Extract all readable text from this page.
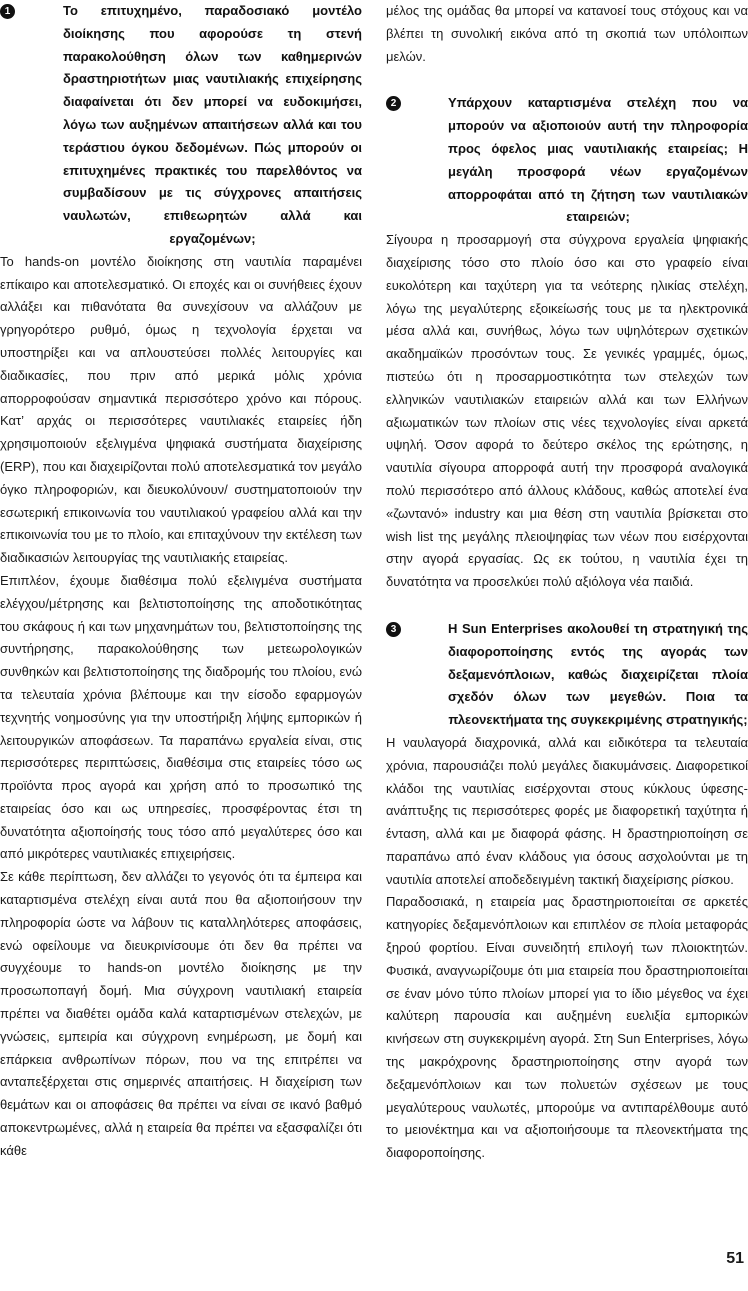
1	Το επιτυχημένο, παραδοσιακό μοντέλο διοίκησης που αφορούσε τη στενή παρακολούθηση όλων των καθημερινών δραστηριοτήτων μιας ναυτιλιακής επιχείρησης διαφαίνεται ότι δεν μπορεί να ευδοκιμήσει, λόγω των αυξημένων απαιτήσεων αλλά και του τεράστιου όγκου δεδομένων. Πώς μπορούν οι επιτυχημένες πρακτικές του παρελθόντος να συμβαδίσουν με τις σύγχρονες απαιτήσεις ναυλωτών, επιθεωρητών αλλά και εργαζομένων;

Το hands-on μοντέλο διοίκησης στη ναυτιλία παραμένει επίκαιρο και αποτελεσματικό. Οι εποχές και οι συνήθειες έχουν αλλάξει και πιθανότατα θα συνεχίσουν να αλλάζουν με γρηγορότερο ρυθμό, όμως η τεχνολογία έρχεται να υποστηρίξει και να απλουστεύσει πολλές λειτουργίες και διαδικασίες, που πριν από μερικά μόλις χρόνια απορροφούσαν σημαντικά περισσότερο χρόνο και πόρους. Κατ’ αρχάς οι περισσότερες ναυτιλιακές εταιρείες ήδη χρησιμοποιούν εξελιγμένα ψηφιακά συστήματα διαχείρισης (ERP), που και διαχειρίζονται πολύ αποτελεσματικά τον μεγάλο όγκο πληροφοριών, και διευκολύνουν/ συστηματοποιούν την εσωτερική επικοινωνία του ναυτιλιακού γραφείου αλλά και την επικοινωνία του με το πλοίο, και επιταχύνουν την εκτέλεση των διαδικασιών λειτουργίας της ναυτιλιακής εταιρείας.

Επιπλέον, έχουμε διαθέσιμα πολύ εξελιγμένα συστήματα ελέγχου/μέτρησης και βελτιστοποίησης της αποδοτικότητας του σκάφους ή και των μηχανημάτων του, βελτιστοποίησης της συντήρησης, παρακολούθησης των μετεωρολογικών συνθηκών και βελτιστοποίησης της διαδρομής του πλοίου, ενώ τα τελευταία χρόνια βλέπουμε και την είσοδο εφαρμογών τεχνητής νοημοσύνης για την υποστήριξη λήψης εμπορικών ή λειτουργικών αποφάσεων. Τα παραπάνω εργαλεία είναι, στις περισσότερες περιπτώσεις, διαθέσιμα στις εταιρείες τόσο ως προϊόντα προς αγορά και χρήση από το προσωπικό της εταιρείας όσο και ως υπηρεσίες, προσφέροντας έτσι τη δυνατότητα αξιοποίησής τους τόσο από μεγαλύτερες όσο και από μικρότερες ναυτιλιακές επιχειρήσεις.

Σε κάθε περίπτωση, δεν αλλάζει το γεγονός ότι τα έμπειρα και καταρτισμένα στελέχη είναι αυτά που θα αξιοποιήσουν την πληροφορία ώστε να λάβουν τις καταλληλότερες αποφάσεις, ενώ οφείλουμε να διευκρινίσουμε ότι δεν θα πρέπει να συγχέουμε το hands-on μοντέλο διοίκησης με την προσωποπαγή δομή. Μια σύγχρονη ναυτιλιακή εταιρεία πρέπει να διαθέτει ομάδα καλά καταρτισμένων στελεχών, με γνώσεις, εμπειρία και σύγχρονη ενημέρωση, με δομή και επάρκεια ανθρωπίνων πόρων, που να της επιτρέπει να ανταπεξέρχεται στις σημερινές απαιτήσεις. Η διαχείριση των θεμάτων και οι αποφάσεις θα πρέπει να είναι σε ικανό βαθμό αποκεντρωμένες, αλλά η εταιρεία θα πρέπει να εξασφαλίζει ότι κάθε

μέλος της ομάδας θα μπορεί να κατανοεί τους στόχους και να βλέπει τη συνολική εικόνα από τη σκοπιά των υπόλοιπων μελών.

2	Υπάρχουν καταρτισμένα στελέχη που να μπορούν να αξιοποιούν αυτή την πληροφορία προς όφελος μιας ναυτιλιακής εταιρείας; Η μεγάλη προσφορά νέων εργαζομένων απορροφάται από τη ζήτηση των ναυτιλιακών εταιρειών;

Σίγουρα η προσαρμογή στα σύγχρονα εργαλεία ψηφιακής διαχείρισης τόσο στο πλοίο όσο και στο γραφείο είναι ευκολότερη και ταχύτερη για τα νεότερης ηλικίας στελέχη, λόγω της μεγαλύτερης εξοικείωσής τους με τα ηλεκτρονικά μέσα αλλά και, συνήθως, λόγω των υψηλότερων σχετικών ακαδημαϊκών προσόντων τους. Σε γενικές γραμμές, όμως, πιστεύω ότι η προσαρμοστικότητα των στελεχών των ελληνικών ναυτιλιακών εταιρειών αλλά και των Ελλήνων αξιωματικών των πλοίων στις νέες τεχνολογίες είναι αρκετά υψηλή. Όσον αφορά το δεύτερο σκέλος της ερώτησης, η ναυτιλία σίγουρα απορροφά αυτή την προσφορά αναλογικά πολύ περισσότερο από άλλους κλάδους, καθώς αποτελεί ένα «ζωντανό» industry και μια θέση στη ναυτιλία βρίσκεται στο wish list της μεγάλης πλειοψηφίας των νέων που εισέρχονται στην αγορά εργασίας. Ως εκ τούτου, η ναυτιλία έχει τη δυνατότητα να προσελκύει πολύ αξιόλογα νέα παιδιά.

3	Η Sun Enterprises ακολουθεί τη στρατηγική της διαφοροποίησης εντός της αγοράς των δεξαμενόπλοιων, καθώς διαχειρίζεται πλοία σχεδόν όλων των μεγεθών. Ποια τα πλεονεκτήματα της συγκεκριμένης στρατηγικής;

Η ναυλαγορά διαχρονικά, αλλά και ειδικότερα τα τελευταία χρόνια, παρουσιάζει πολύ μεγάλες διακυμάνσεις. Διαφορετικοί κλάδοι της ναυτιλίας εισέρχονται στους κύκλους ύφεσης-ανάπτυξης τις περισσότερες φορές με διαφορετική ταχύτητα ή ένταση, αλλά και με διαφορά φάσης. Η δραστηριοποίηση σε παραπάνω από έναν κλάδους για όσους ασχολούνται με τη ναυτιλία αποτελεί αποδεδειγμένη τακτική διαχείρισης ρίσκου.

Παραδοσιακά, η εταιρεία μας δραστηριοποιείται σε αρκετές κατηγορίες δεξαμενόπλοιων και επιπλέον σε πλοία μεταφοράς ξηρού φορτίου. Είναι συνειδητή επιλογή των πλοιοκτητών. Φυσικά, αναγνωρίζουμε ότι μια εταιρεία που δραστηριοποιείται σε έναν μόνο τύπο πλοίων μπορεί για το ίδιο μέγεθος να έχει καλύτερη παρουσία και αυξημένη ευελιξία εμπορικών κινήσεων στη συγκεκριμένη αγορά. Στη Sun Enterprises, λόγω της μακρόχρονης δραστηριοποίησης στην αγορά των δεξαμενόπλοιων και των πολυετών σχέσεων με τους μεγαλύτερους ναυλωτές, μπορούμε να αντιπαρέλθουμε αυτό το μειονέκτημα και να αξιοποιήσουμε τα πλεονεκτήματα της διαφοροποίησης.

51
